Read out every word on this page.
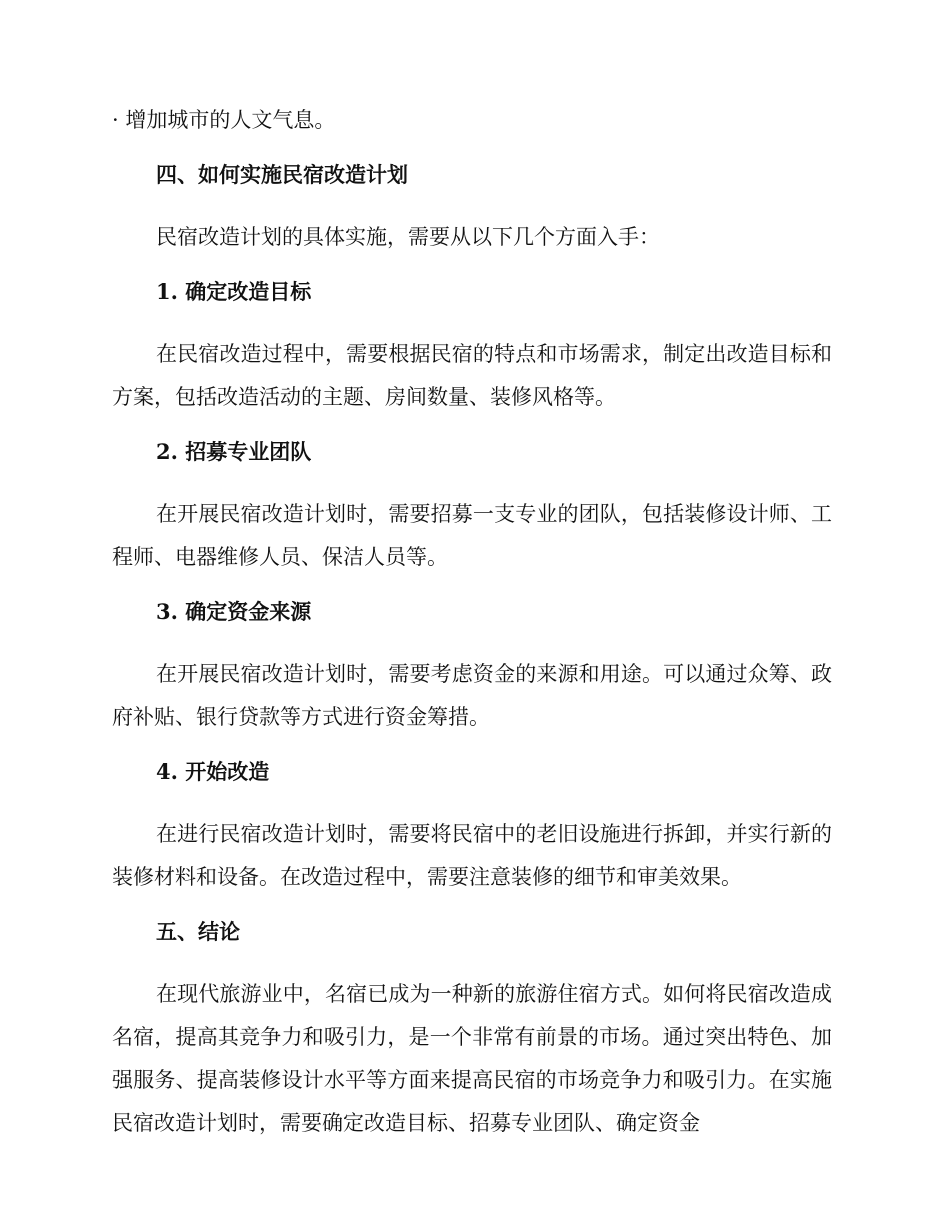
· 增加城市的人文气息。

四、如何实施民宿改造计划

民宿改造计划的具体实施，需要从以下几个方面入手：

1. 确定改造目标

在民宿改造过程中，需要根据民宿的特点和市场需求，制定出改造目标和方案，包括改造活动的主题、房间数量、装修风格等。

2. 招募专业团队

在开展民宿改造计划时，需要招募一支专业的团队，包括装修设计师、工程师、电器维修人员、保洁人员等。

3. 确定资金来源

在开展民宿改造计划时，需要考虑资金的来源和用途。可以通过众筹、政府补贴、银行贷款等方式进行资金筹措。

4. 开始改造

在进行民宿改造计划时，需要将民宿中的老旧设施进行拆卸，并实行新的装修材料和设备。在改造过程中，需要注意装修的细节和审美效果。

五、结论

在现代旅游业中，名宿已成为一种新的旅游住宿方式。如何将民宿改造成名宿，提高其竞争力和吸引力，是一个非常有前景的市场。通过突出特色、加强服务、提高装修设计水平等方面来提高民宿的市场竞争力和吸引力。在实施民宿改造计划时，需要确定改造目标、招募专业团队、确定资金
